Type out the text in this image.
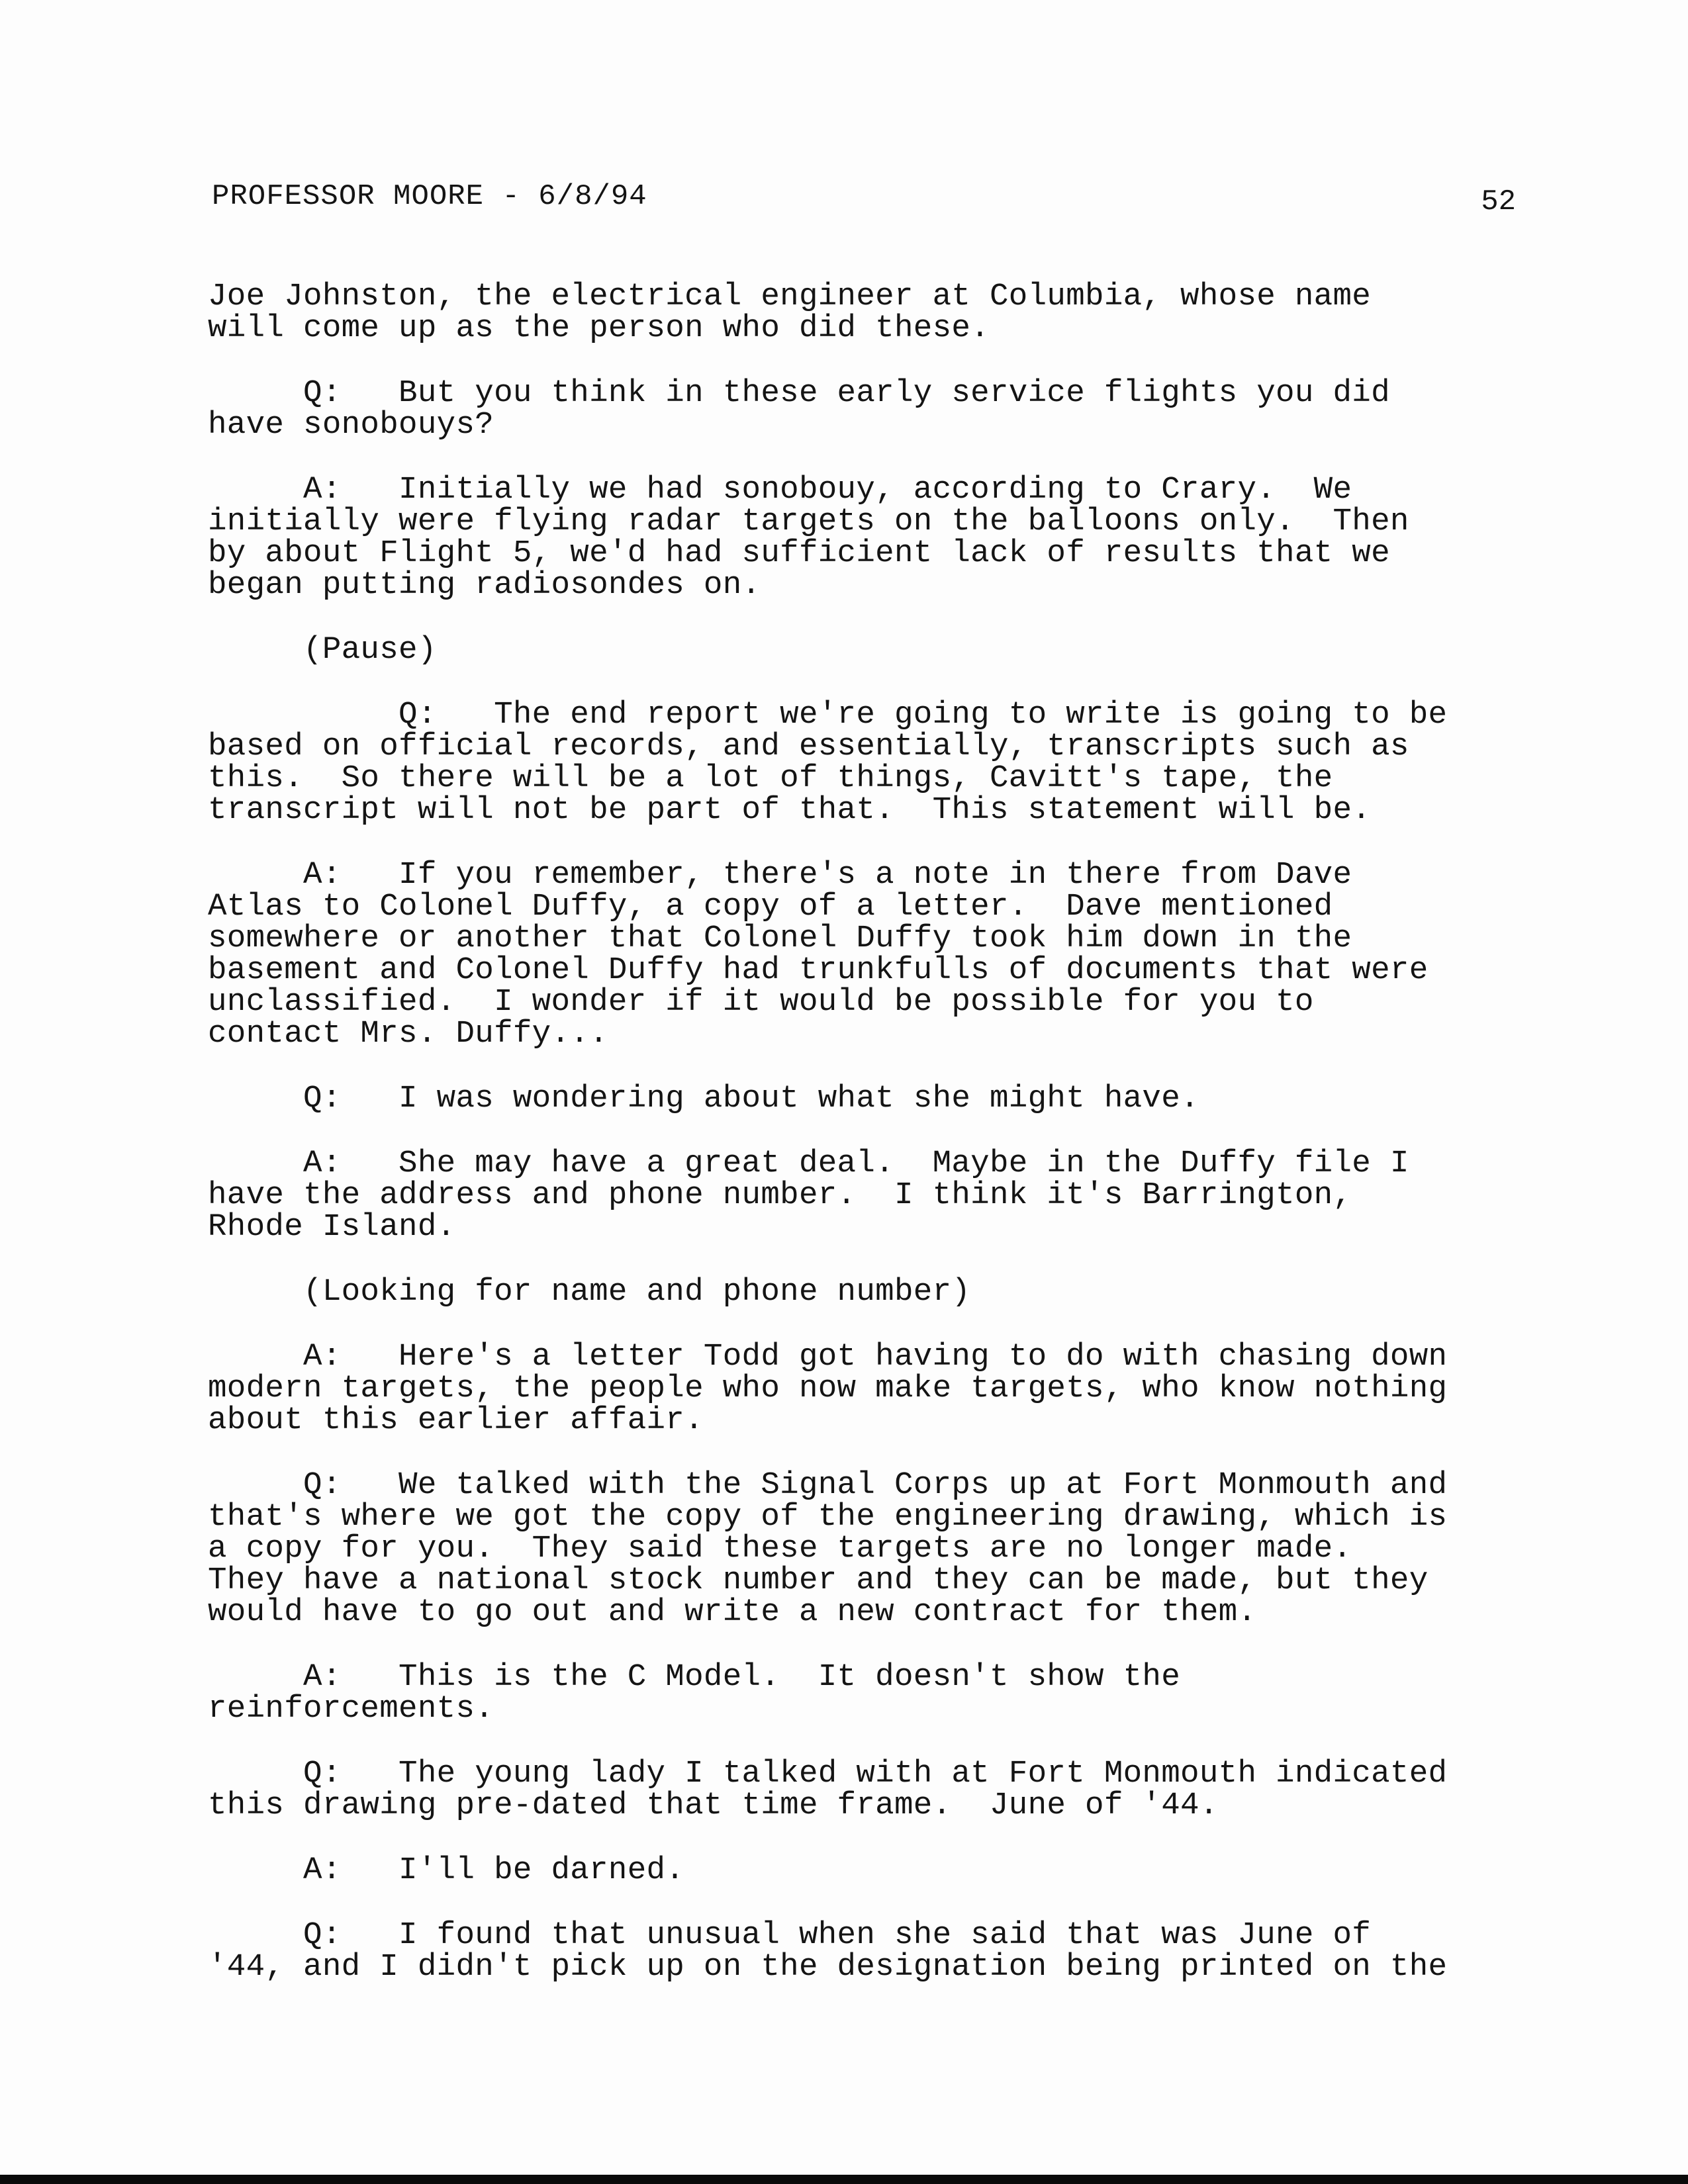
PROFESSOR MOORE - 6/8/94	52

Joe Johnston, the electrical engineer at Columbia, whose name
will come up as the person who did these.

Q:   But you think in these early service flights you did
have sonobouys?

A:   Initially we had sonobouy, according to Crary.  We
initially were flying radar targets on the balloons only.  Then
by about Flight 5, we'd had sufficient lack of results that we
began putting radiosondes on.

(Pause)

Q:   The end report we're going to write is going to be
based on official records, and essentially, transcripts such as
this.  So there will be a lot of things, Cavitt's tape, the
transcript will not be part of that.  This statement will be.

A:   If you remember, there's a note in there from Dave
Atlas to Colonel Duffy, a copy of a letter.  Dave mentioned
somewhere or another that Colonel Duffy took him down in the
basement and Colonel Duffy had trunkfulls of documents that were
unclassified.  I wonder if it would be possible for you to
contact Mrs. Duffy...

Q:   I was wondering about what she might have.

A:   She may have a great deal.  Maybe in the Duffy file I
have the address and phone number.  I think it's Barrington,
Rhode Island.

(Looking for name and phone number)

A:   Here's a letter Todd got having to do with chasing down
modern targets, the people who now make targets, who know nothing
about this earlier affair.

Q:   We talked with the Signal Corps up at Fort Monmouth and
that's where we got the copy of the engineering drawing, which is
a copy for you.  They said these targets are no longer made.
They have a national stock number and they can be made, but they
would have to go out and write a new contract for them.

A:   This is the C Model.  It doesn't show the
reinforcements.

Q:   The young lady I talked with at Fort Monmouth indicated
this drawing pre-dated that time frame.  June of '44.

A:   I'll be darned.

Q:   I found that unusual when she said that was June of
'44, and I didn't pick up on the designation being printed on the
